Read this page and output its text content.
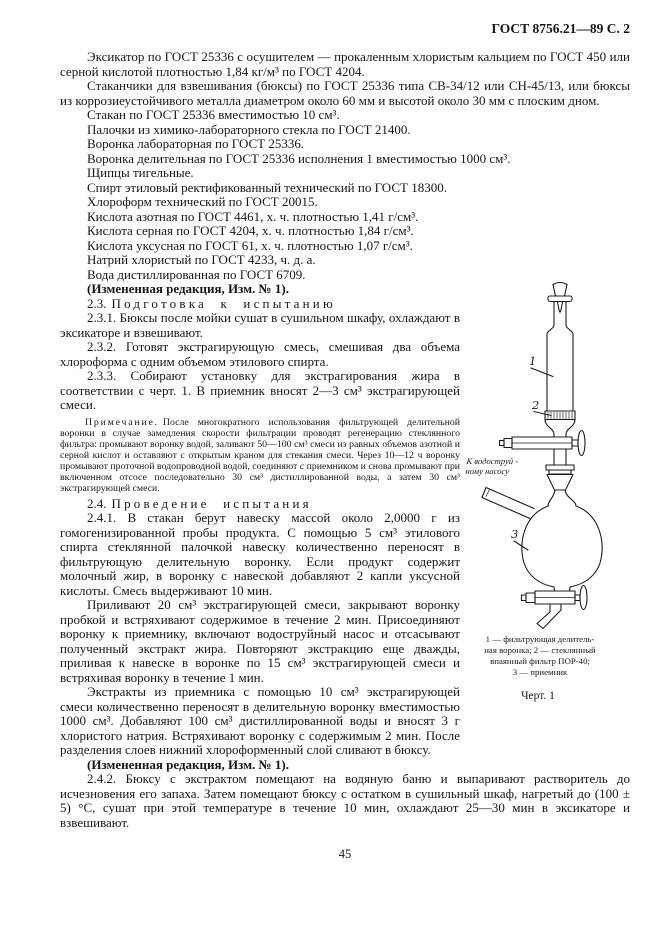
ГОСТ 8756.21—89 С. 2

Эксикатор по ГОСТ 25336 с осушителем — прокаленным хлористым кальцием по ГОСТ 450 или серной кислотой плотностью 1,84 кг/м³ по ГОСТ 4204.

Стаканчики для взвешивания (бюксы) по ГОСТ 25336 типа СВ-34/12 или СН-45/13, или бюксы из коррозиеустойчивого металла диаметром около 60 мм и высотой около 30 мм с плоским дном.

Стакан по ГОСТ 25336 вместимостью 10 см³.

Палочки из химико-лабораторного стекла по ГОСТ 21400.

Воронка лабораторная по ГОСТ 25336.

Воронка делительная по ГОСТ 25336 исполнения 1 вместимостью 1000 см³.

Щипцы тигельные.

Спирт этиловый ректификованный технический по ГОСТ 18300.

Хлороформ технический по ГОСТ 20015.

Кислота азотная по ГОСТ 4461, х. ч. плотностью 1,41 г/см³.

Кислота серная по ГОСТ 4204, х. ч. плотностью 1,84 г/см³.

Кислота уксусная по ГОСТ 61, х. ч. плотностью 1,07 г/см³.

Натрий хлористый по ГОСТ 4233, ч. д. а.

Вода дистиллированная по ГОСТ 6709.

(Измененная редакция, Изм. № 1).

2.3. Подготовка к испытанию

2.3.1. Бюксы после мойки сушат в сушильном шкафу, охлаждают в эксикаторе и взвешивают.

2.3.2. Готовят экстрагирующую смесь, смешивая два объема хлороформа с одним объемом этилового спирта.

2.3.3. Собирают установку для экстрагирования жира в соответствии с черт. 1. В приемник вносят 2—3 см³ экстрагирующей смеси.

Примечание. После многократного использования фильтрующей делительной воронки в случае замедления скорости фильтрации проводят регенерацию стеклянного фильтра: промывают воронку водой, заливают 50—100 см³ смеси из равных объемов азотной и серной кислот и оставляют с открытым краном для стекания смеси. Через 10—12 ч воронку промывают проточной водопроводной водой, соединяют с приемником и снова промывают при включенном отсосе последовательно 30 см³ дистиллированной воды, а затем 30 см³ экстрагирующей смеси.

2.4. Проведение испытания

2.4.1. В стакан берут навеску массой около 2,0000 г из гомогенизированной пробы продукта. С помощью 5 см³ этилового спирта стеклянной палочкой навеску количественно переносят в фильтрующую делительную воронку. Если продукт содержит молочный жир, в воронку с навеской добавляют 2 капли уксусной кислоты. Смесь выдерживают 10 мин.

Приливают 20 см³ экстрагирующей смеси, закрывают воронку пробкой и встряхивают содержимое в течение 2 мин. Присоединяют воронку к приемнику, включают водоструйный насос и отсасывают полученный экстракт жира. Повторяют экстракцию еще дважды, приливая к навеске в воронке по 15 см³ экстрагирующей смеси и встряхивая воронку в течение 1 мин.

Экстракты из приемника с помощью 10 см³ экстрагирующей смеси количественно переносят в делительную воронку вместимостью 1000 см³. Добавляют 100 см³ дистиллированной воды и вносят 3 г хлористого натрия. Встряхивают воронку с содержимым 2 мин. После разделения слоев нижний хлороформенный слой сливают в бюксу.

1
2
3
К водоструй -
ному насосу
1 — фильтрующая делитель-
ная воронка; 2 — стеклянный
впаянный фильтр ПОР-40;
3 — приемник
Черт. 1

(Измененная редакция, Изм. № 1).

2.4.2. Бюксу с экстрактом помещают на водяную баню и выпаривают растворитель до исчезновения его запаха. Затем помещают бюксу с остатком в сушильный шкаф, нагретый до (100 ± 5) °С, сушат при этой температуре в течение 10 мин, охлаждают 25—30 мин в эксикаторе и взвешивают.

45
